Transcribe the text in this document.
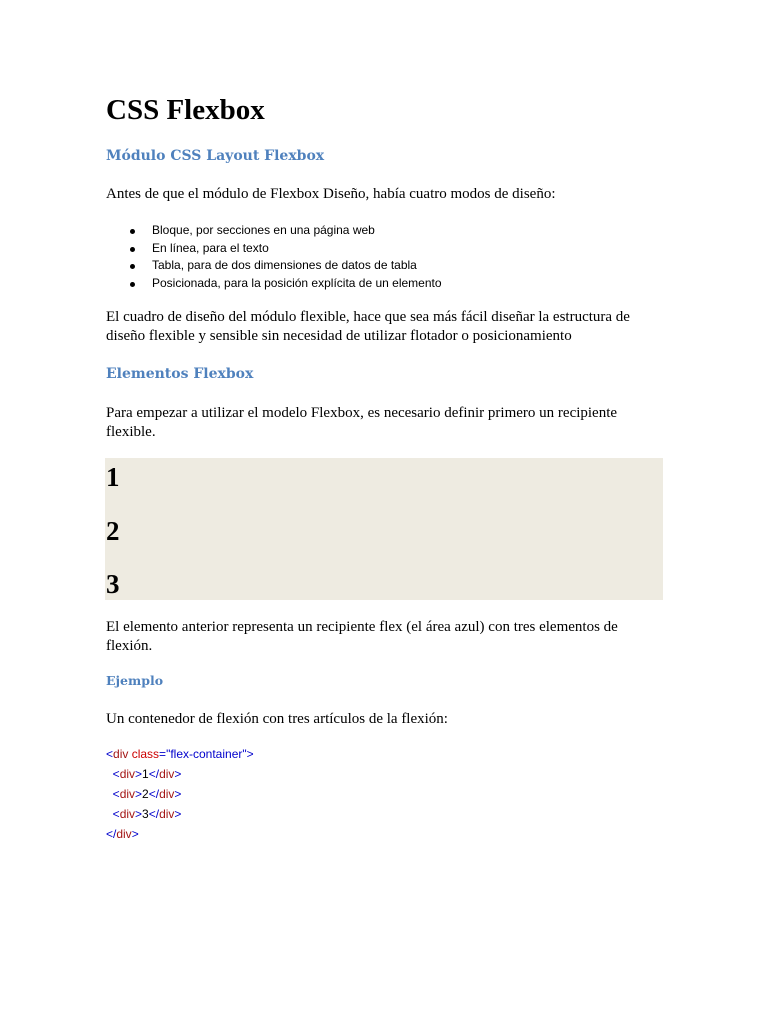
CSS Flexbox
Módulo CSS Layout Flexbox

Antes de que el módulo de Flexbox Diseño, había cuatro modos de diseño:

Bloque, por secciones en una página web
En línea, para el texto
Tabla, para de dos dimensiones de datos de tabla
Posicionada, para la posición explícita de un elemento

El cuadro de diseño del módulo flexible, hace que sea más fácil diseñar la estructura de diseño flexible y sensible sin necesidad de utilizar flotador o posicionamiento

Elementos Flexbox

Para empezar a utilizar el modelo Flexbox, es necesario definir primero un recipiente flexible.

1
2
3

El elemento anterior representa un recipiente flex (el área azul) con tres elementos de flexión.

Ejemplo

Un contenedor de flexión con tres artículos de la flexión:

<div class="flex-container">
<div>1</div>
<div>2</div>
<div>3</div>
</div>
